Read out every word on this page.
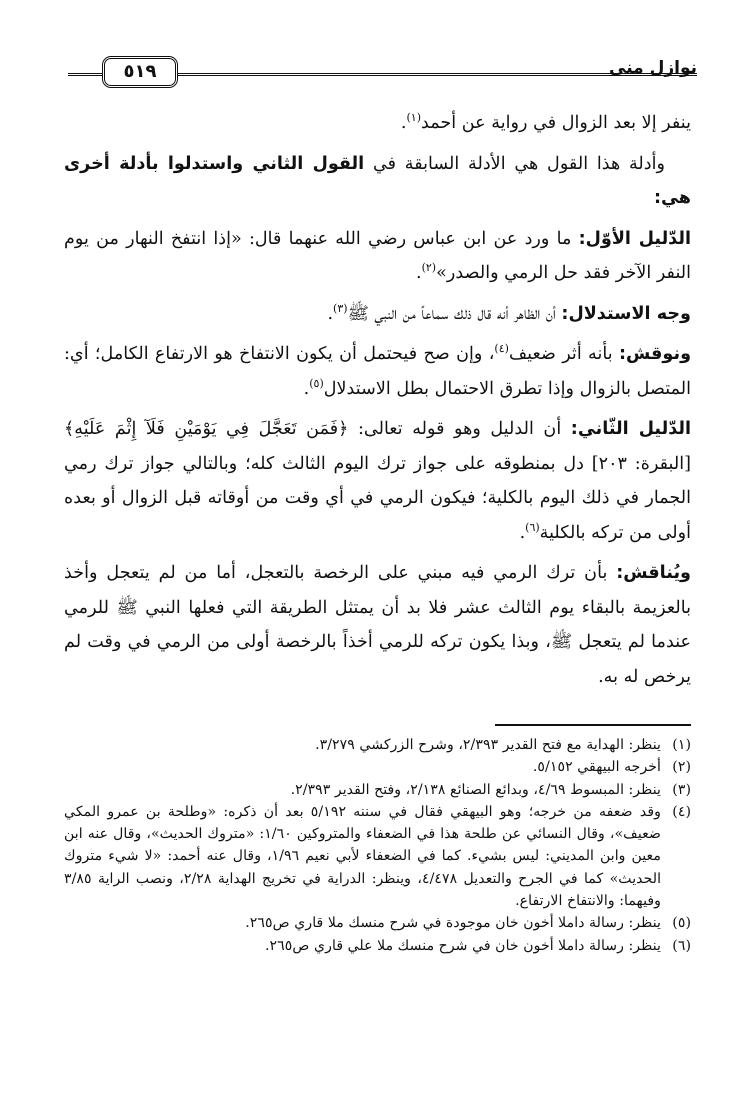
نوازل منى
٥١٩

ينفر إلا بعد الزوال في رواية عن أحمد$^{(١)}$.

وأدلة هذا القول هي الأدلة السابقة في القول الثاني واستدلوا بأدلة أخرى هي:

الدّليل الأوّل: ما ورد عن ابن عباس رضي الله عنهما قال: «إذا انتفخ النهار من يوم النفر الآخر فقد حل الرمي والصدر»$^{(٢)}$.

وجه الاستدلال: أن الظاهر أنه قال ذلك سماعاً من النبي ﷺ$^{(٣)}$.

ونوقش: بأنه أثر ضعيف$^{(٤)}$، وإن صح فيحتمل أن يكون الانتفاخ هو الارتفاع الكامل؛ أي: المتصل بالزوال وإذا تطرق الاحتمال بطل الاستدلال$^{(٥)}$.

الدّليل الثّاني: أن الدليل وهو قوله تعالى: ﴿فَمَن تَعَجَّلَ فِي يَوْمَيْنِ فَلَآ إِثْمَ عَلَيْهِ﴾ [البقرة: ٢٠٣] دل بمنطوقه على جواز ترك اليوم الثالث كله؛ وبالتالي جواز ترك رمي الجمار في ذلك اليوم بالكلية؛ فيكون الرمي في أي وقت من أوقاته قبل الزوال أو بعده أولى من تركه بالكلية$^{(٦)}$.

ويُناقش: بأن ترك الرمي فيه مبني على الرخصة بالتعجل، أما من لم يتعجل وأخذ بالعزيمة بالبقاء يوم الثالث عشر فلا بد أن يمتثل الطريقة التي فعلها النبي ﷺ للرمي عندما لم يتعجل ﷺ، وبذا يكون تركه للرمي أخذاً بالرخصة أولى من الرمي في وقت لم يرخص له به.

(١)
ينظر: الهداية مع فتح القدير ٢/٣٩٣، وشرح الزركشي ٣/٢٧٩.
(٢)
أخرجه البيهقي ٥/١٥٢.
(٣)
ينظر: المبسوط ٤/٦٩، وبدائع الصنائع ٢/١٣٨، وفتح القدير ٢/٣٩٣.
(٤)
وقد ضعفه من خرجه؛ وهو البيهقي فقال في سننه ٥/١٩٢ بعد أن ذكره: «وطلحة بن عمرو المكي ضعيف»، وقال النسائي عن طلحة هذا في الضعفاء والمتروكين ١/٦٠: «متروك الحديث»، وقال عنه ابن معين وابن المديني: ليس بشيء. كما في الضعفاء لأبي نعيم ١/٩٦، وقال عنه أحمد: «لا شيء متروك الحديث» كما في الجرح والتعديل ٤/٤٧٨، وينظر: الدراية في تخريج الهداية ٢/٢٨، ونصب الراية ٣/٨٥ وفيهما: والانتفاخ الارتفاع.
(٥)
ينظر: رسالة داملا أخون خان موجودة في شرح منسك ملا قاري ص٢٦٥.
(٦)
ينظر: رسالة داملا أخون خان في شرح منسك ملا علي قاري ص٢٦٥.
